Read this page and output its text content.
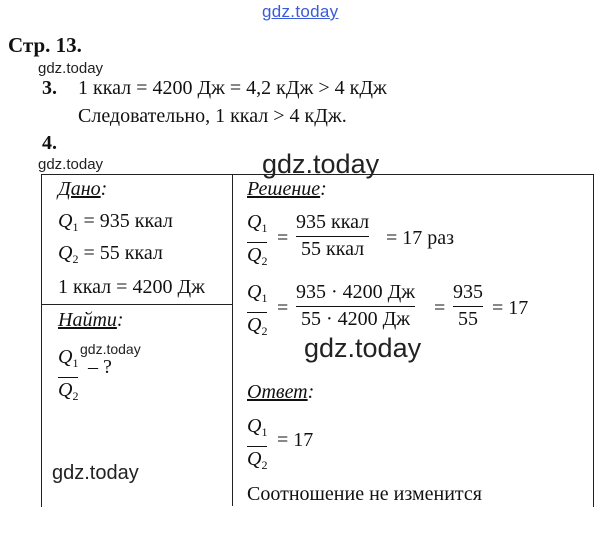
gdz.today
gdz.today
gdz.today	gdz.today
gdz.today
gdz.today
gdz.today
Стр. 13.
3. 1 ккал = 4200 Дж = 4,2 кДж > 4 кДж
Следовательно, 1 ккал > 4 кДж.
4.
Дано:
$Q_1 = 935$ ккал
$Q_2 = 55$ ккал
1 ккал = 4200 Дж
Найти:
$Q_1$
$Q_2$
– ?
Решение:
$Q_1$
$Q_2$
=
935 ккал
55 ккал
= 17 раз
$Q_1$
$Q_2$
=
935 · 4200 Дж
55 · 4200 Дж
=
935
55
= 17
Ответ:
$Q_1$
$Q_2$
= 17
Соотношение не изменится
